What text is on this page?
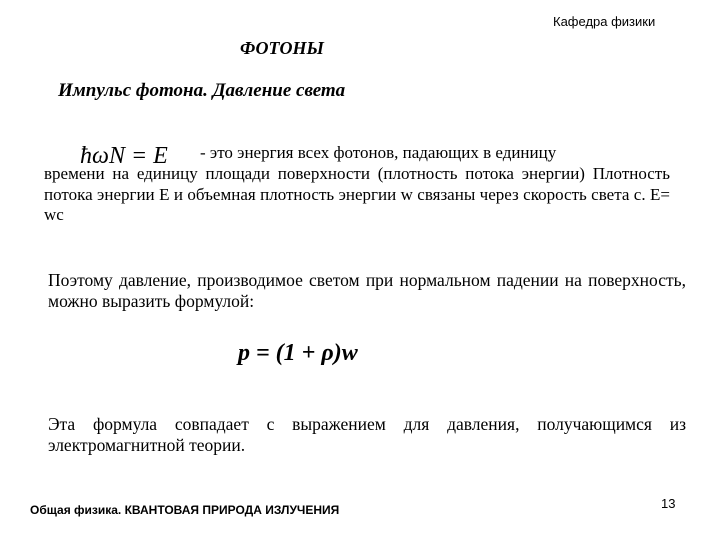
Кафедра физики
ФОТОНЫ
Импульс фотона. Давление света
ħωN = E - это энергия всех фотонов, падающих в единицу
времени на единицу площади поверхности (плотность потока энергии) Плотность потока энергии E и объемная плотность энергии w связаны через скорость света c. E= wc
Поэтому давление, производимое светом при нормальном падении на поверхность, можно выразить формулой:
p = (1 + ρ)w
Эта формула совпадает с выражением для давления, получающимся из электромагнитной теории.
Общая физика. КВАНТОВАЯ ПРИРОДА ИЗЛУЧЕНИЯ	13
